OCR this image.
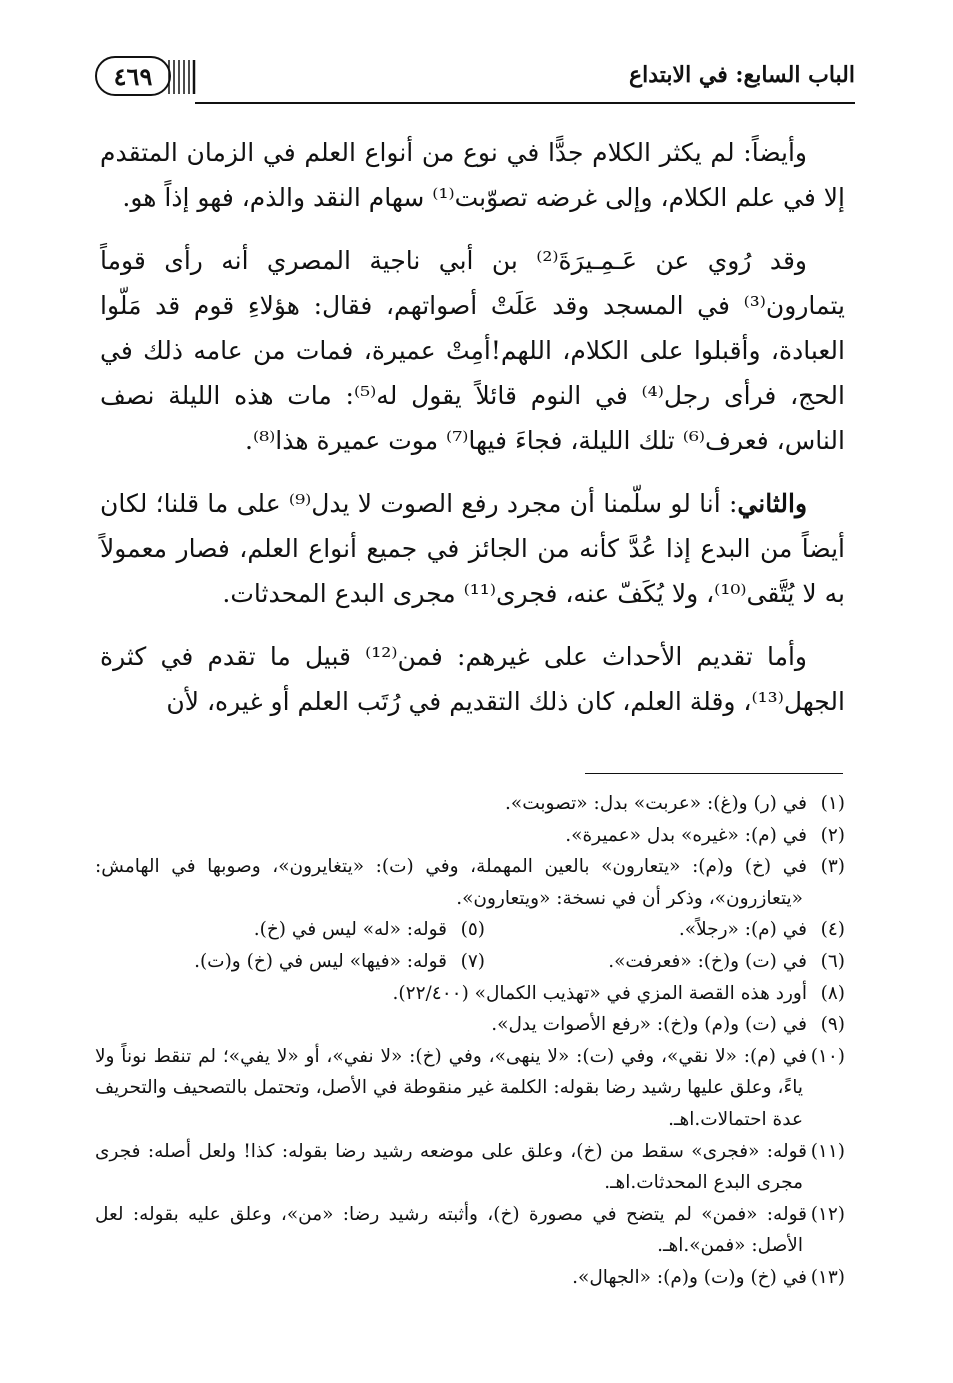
٤٦٩	الباب السابع: في الابتداع

وأيضاً: لم يكثر الكلام جدًّا في نوع من أنواع العلم في الزمان المتقدم إلا في علم الكلام، وإلى غرضه تصوّبت⁽¹⁾ سهام النقد والذم، فهو إذاً هو.

وقد رُوي عن عَـمِـيرَةَ⁽²⁾ بن أبي ناجية المصري أنه رأى قوماً يتمارون⁽³⁾ في المسجد وقد عَلَتْ أصواتهم، فقال: هؤلاءِ قوم قد مَلّوا العبادة، وأقبلوا على الكلام، اللهم!أمِتْ عميرة، فمات من عامه ذلك في الحج، فرأى رجل⁽⁴⁾ في النوم قائلاً يقول له⁽⁵⁾: مات هذه الليلة نصف الناس، فعرف⁽⁶⁾ تلك الليلة، فجاءَ فيها⁽⁷⁾ موت عميرة هذا⁽⁸⁾.

والثاني: أنا لو سلّمنا أن مجرد رفع الصوت لا يدل⁽⁹⁾ على ما قلنا؛ لكان أيضاً من البدع إذا عُدَّ كأنه من الجائز في جميع أنواع العلم، فصار معمولاً به لا يُتَّقى⁽¹⁰⁾، ولا يُكَفّ عنه، فجرى⁽¹¹⁾ مجرى البدع المحدثات.

وأما تقديم الأحداث على غيرهم: فمن⁽¹²⁾ قبيل ما تقدم في كثرة الجهل⁽¹³⁾، وقلة العلم، كان ذلك التقديم في رُتَب العلم أو غيره، لأن

(١)في (ر) و(غ): «عربت» بدل: «تصوبت».

(٢)في (م): «غيره» بدل «عميرة».

(٣)في (خ) و(م): «يتعارون» بالعين المهملة، وفي (ت): «يتغايرون»، وصوبها في الهامش: «يتعازرون»، وذكر أن في نسخة: «ويتعارون».

(٤)في (م): «رجلاً».
(٥)قوله: «له» ليس في (خ).
(٦)في (ت) و(خ): «فعرفت».
(٧)قوله: «فيها» ليس في (خ) و(ت).

(٨)أورد هذه القصة المزي في «تهذيب الكمال» (٢٢/٤٠٠).

(٩)في (ت) و(م) و(خ): «رفع الأصوات يدل».

(١٠)في (م): «لا نقي»، وفي (ت): «لا ينهى»، وفي (خ): «لا نفي»، أو «لا يفي»؛ لم تنقط نوناً ولا ياءً، وعلق عليها رشيد رضا بقوله: الكلمة غير منقوطة في الأصل، وتحتمل بالتصحيف والتحريف عدة احتمالات.اهـ.

(١١)قوله: «فجرى» سقط من (خ)، وعلق على موضعه رشيد رضا بقوله: كذا! ولعل أصله: فجرى مجرى البدع المحدثات.اهـ.

(١٢)قوله: «فمن» لم يتضح في مصورة (خ)، وأثبته رشيد رضا: «من»، وعلق عليه بقوله: لعل الأصل: «فمن».اهـ.

(١٣)في (خ) و(ت) و(م): «الجهال».
